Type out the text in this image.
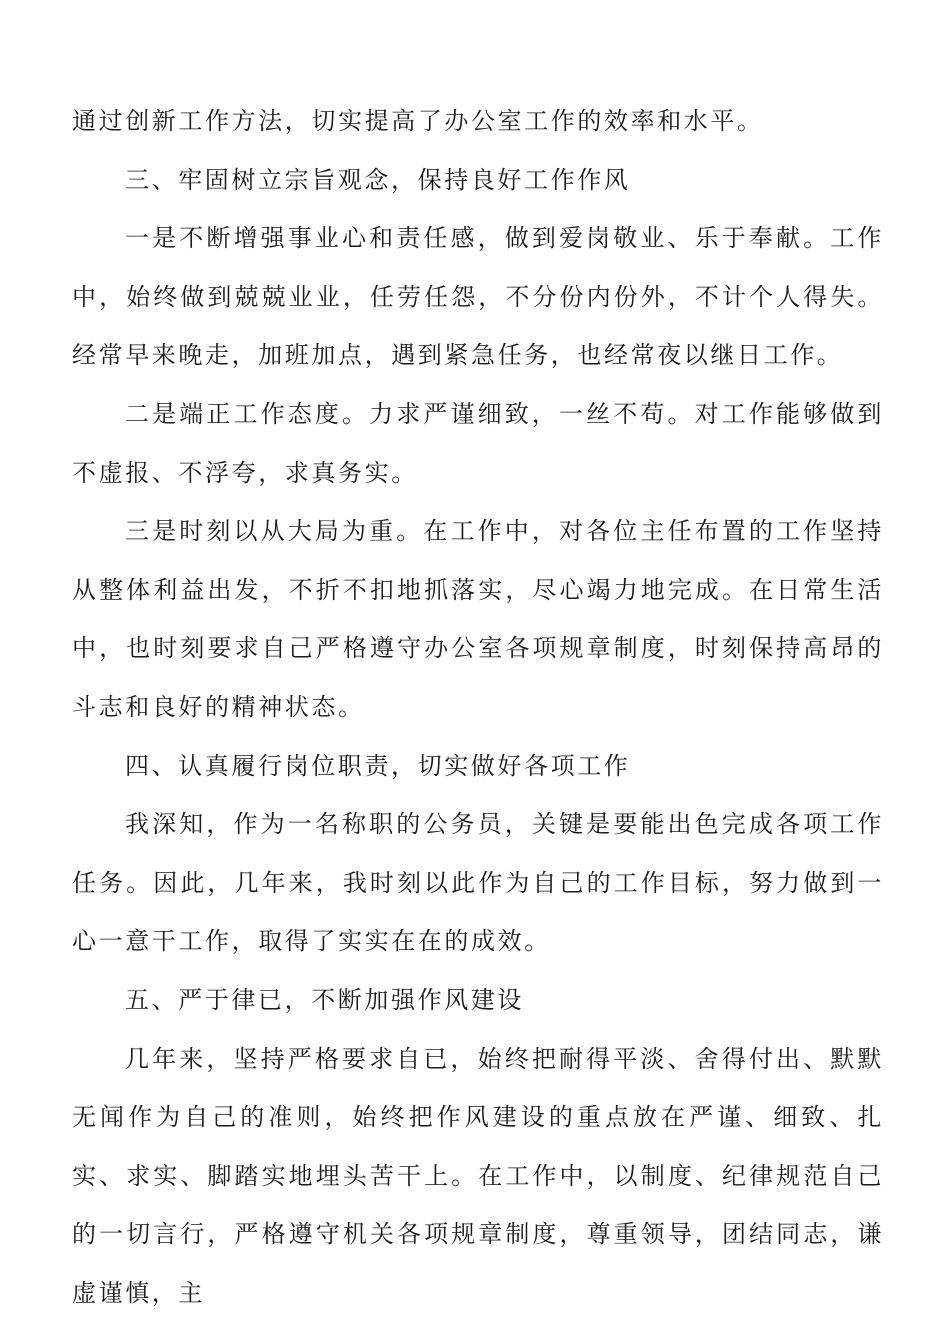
通过创新工作方法，切实提高了办公室工作的效率和水平。

三、牢固树立宗旨观念，保持良好工作作风

一是不断增强事业心和责任感，做到爱岗敬业、乐于奉献。工作中，始终做到兢兢业业，任劳任怨，不分份内份外，不计个人得失。经常早来晚走，加班加点，遇到紧急任务，也经常夜以继日工作。

二是端正工作态度。力求严谨细致，一丝不苟。对工作能够做到不虚报、不浮夸，求真务实。

三是时刻以从大局为重。在工作中，对各位主任布置的工作坚持从整体利益出发，不折不扣地抓落实，尽心竭力地完成。在日常生活中，也时刻要求自己严格遵守办公室各项规章制度，时刻保持高昂的斗志和良好的精神状态。

四、认真履行岗位职责，切实做好各项工作

我深知，作为一名称职的公务员，关键是要能出色完成各项工作任务。因此，几年来，我时刻以此作为自己的工作目标，努力做到一心一意干工作，取得了实实在在的成效。

五、严于律已，不断加强作风建设

几年来，坚持严格要求自已，始终把耐得平淡、舍得付出、默默无闻作为自己的准则，始终把作风建设的重点放在严谨、细致、扎实、求实、脚踏实地埋头苦干上。在工作中，以制度、纪律规范自己的一切言行，严格遵守机关各项规章制度，尊重领导，团结同志，谦虚谨慎，主
